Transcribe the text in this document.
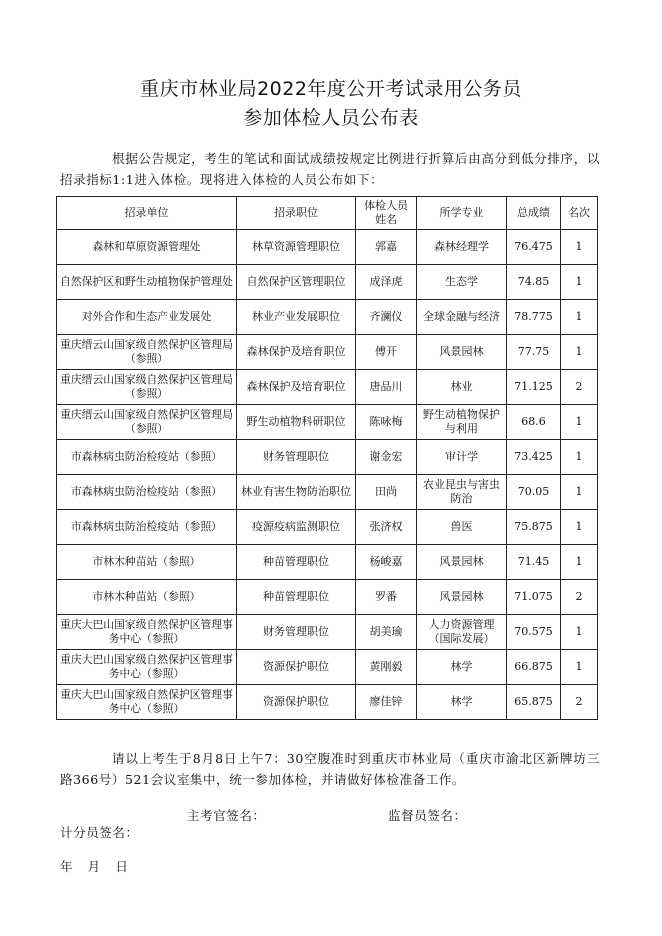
重庆市林业局2022年度公开考试录用公务员
参加体检人员公布表
根据公告规定，考生的笔试和面试成绩按规定比例进行折算后由高分到低分排序，以招录指标1:1进入体检。现将进入体检的人员公布如下：
招录单位	招录职位	体检人员姓名	所学专业	总成绩	名次
森林和草原资源管理处	林草资源管理职位	郭嘉	森林经理学	76.475	1
自然保护区和野生动植物保护管理处	自然保护区管理职位	成泽虎	生态学	74.85	1
对外合作和生态产业发展处	林业产业发展职位	齐澜仪	全球金融与经济	78.775	1
重庆缙云山国家级自然保护区管理局（参照）	森林保护及培育职位	傅开	风景园林	77.75	1
重庆缙云山国家级自然保护区管理局（参照）	森林保护及培育职位	唐品川	林业	71.125	2
重庆缙云山国家级自然保护区管理局（参照）	野生动植物科研职位	陈咏梅	野生动植物保护与利用	68.6	1
市森林病虫防治检疫站（参照）	财务管理职位	谢金宏	审计学	73.425	1
市森林病虫防治检疫站（参照）	林业有害生物防治职位	田尚	农业昆虫与害虫防治	70.05	1
市森林病虫防治检疫站（参照）	疫源疫病监测职位	张济权	兽医	75.875	1
市林木种苗站（参照）	种苗管理职位	杨峻嘉	风景园林	71.45	1
市林木种苗站（参照）	种苗管理职位	罗番	风景园林	71.075	2
重庆大巴山国家级自然保护区管理事务中心（参照）	财务管理职位	胡美瑜	人力资源管理（国际发展）	70.575	1
重庆大巴山国家级自然保护区管理事务中心（参照）	资源保护职位	黄刚毅	林学	66.875	1
重庆大巴山国家级自然保护区管理事务中心（参照）	资源保护职位	廖佳锌	林学	65.875	2
请以上考生于8月8日上午7：30空腹准时到重庆市林业局（重庆市渝北区新牌坊三路366号）521会议室集中，统一参加体检，并请做好体检准备工作。
主考官签名：	监督员签名：
计分员签名：
年 月 日
